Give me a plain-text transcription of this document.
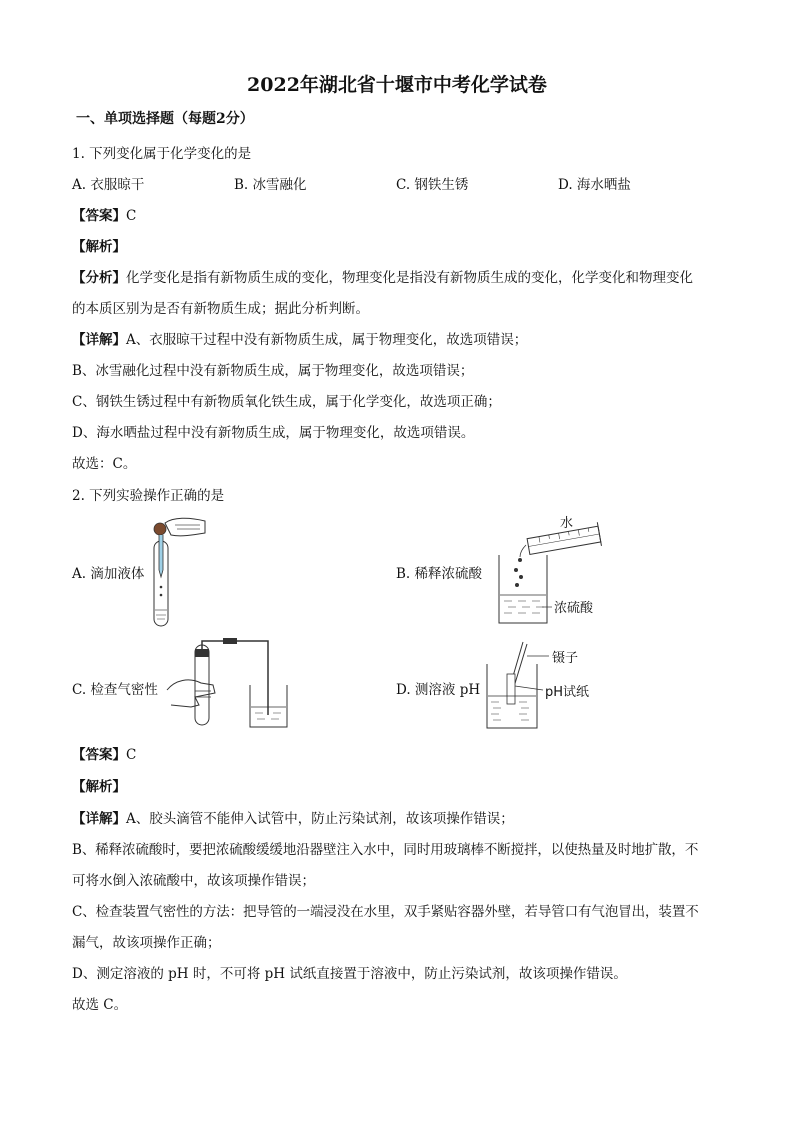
2022年湖北省十堰市中考化学试卷
一、单项选择题（每题2分）
1. 下列变化属于化学变化的是
A. 衣服晾干	B. 冰雪融化	C. 钢铁生锈	D. 海水晒盐
【答案】C
【解析】
【分析】化学变化是指有新物质生成的变化，物理变化是指没有新物质生成的变化，化学变化和物理变化
的本质区别为是否有新物质生成；据此分析判断。
【详解】A、衣服晾干过程中没有新物质生成，属于物理变化，故选项错误；
B、冰雪融化过程中没有新物质生成，属于物理变化，故选项错误；
C、钢铁生锈过程中有新物质氧化铁生成，属于化学变化，故选项正确；
D、海水晒盐过程中没有新物质生成，属于物理变化，故选项错误。
故选：C。
2. 下列实验操作正确的是
A. 滴加液体	B. 稀释浓硫酸
C. 检查气密性	D. 测溶液 pH
水
浓硫酸
镊子
pH试纸
【答案】C
【解析】
【详解】A、胶头滴管不能伸入试管中，防止污染试剂，故该项操作错误；
B、稀释浓硫酸时，要把浓硫酸缓缓地沿器壁注入水中，同时用玻璃棒不断搅拌，以使热量及时地扩散，不
可将水倒入浓硫酸中，故该项操作错误；
C、检查装置气密性的方法：把导管的一端浸没在水里，双手紧贴容器外壁，若导管口有气泡冒出，装置不
漏气，故该项操作正确；
D、测定溶液的 pH 时，不可将 pH 试纸直接置于溶液中，防止污染试剂，故该项操作错误。
故选 C。
